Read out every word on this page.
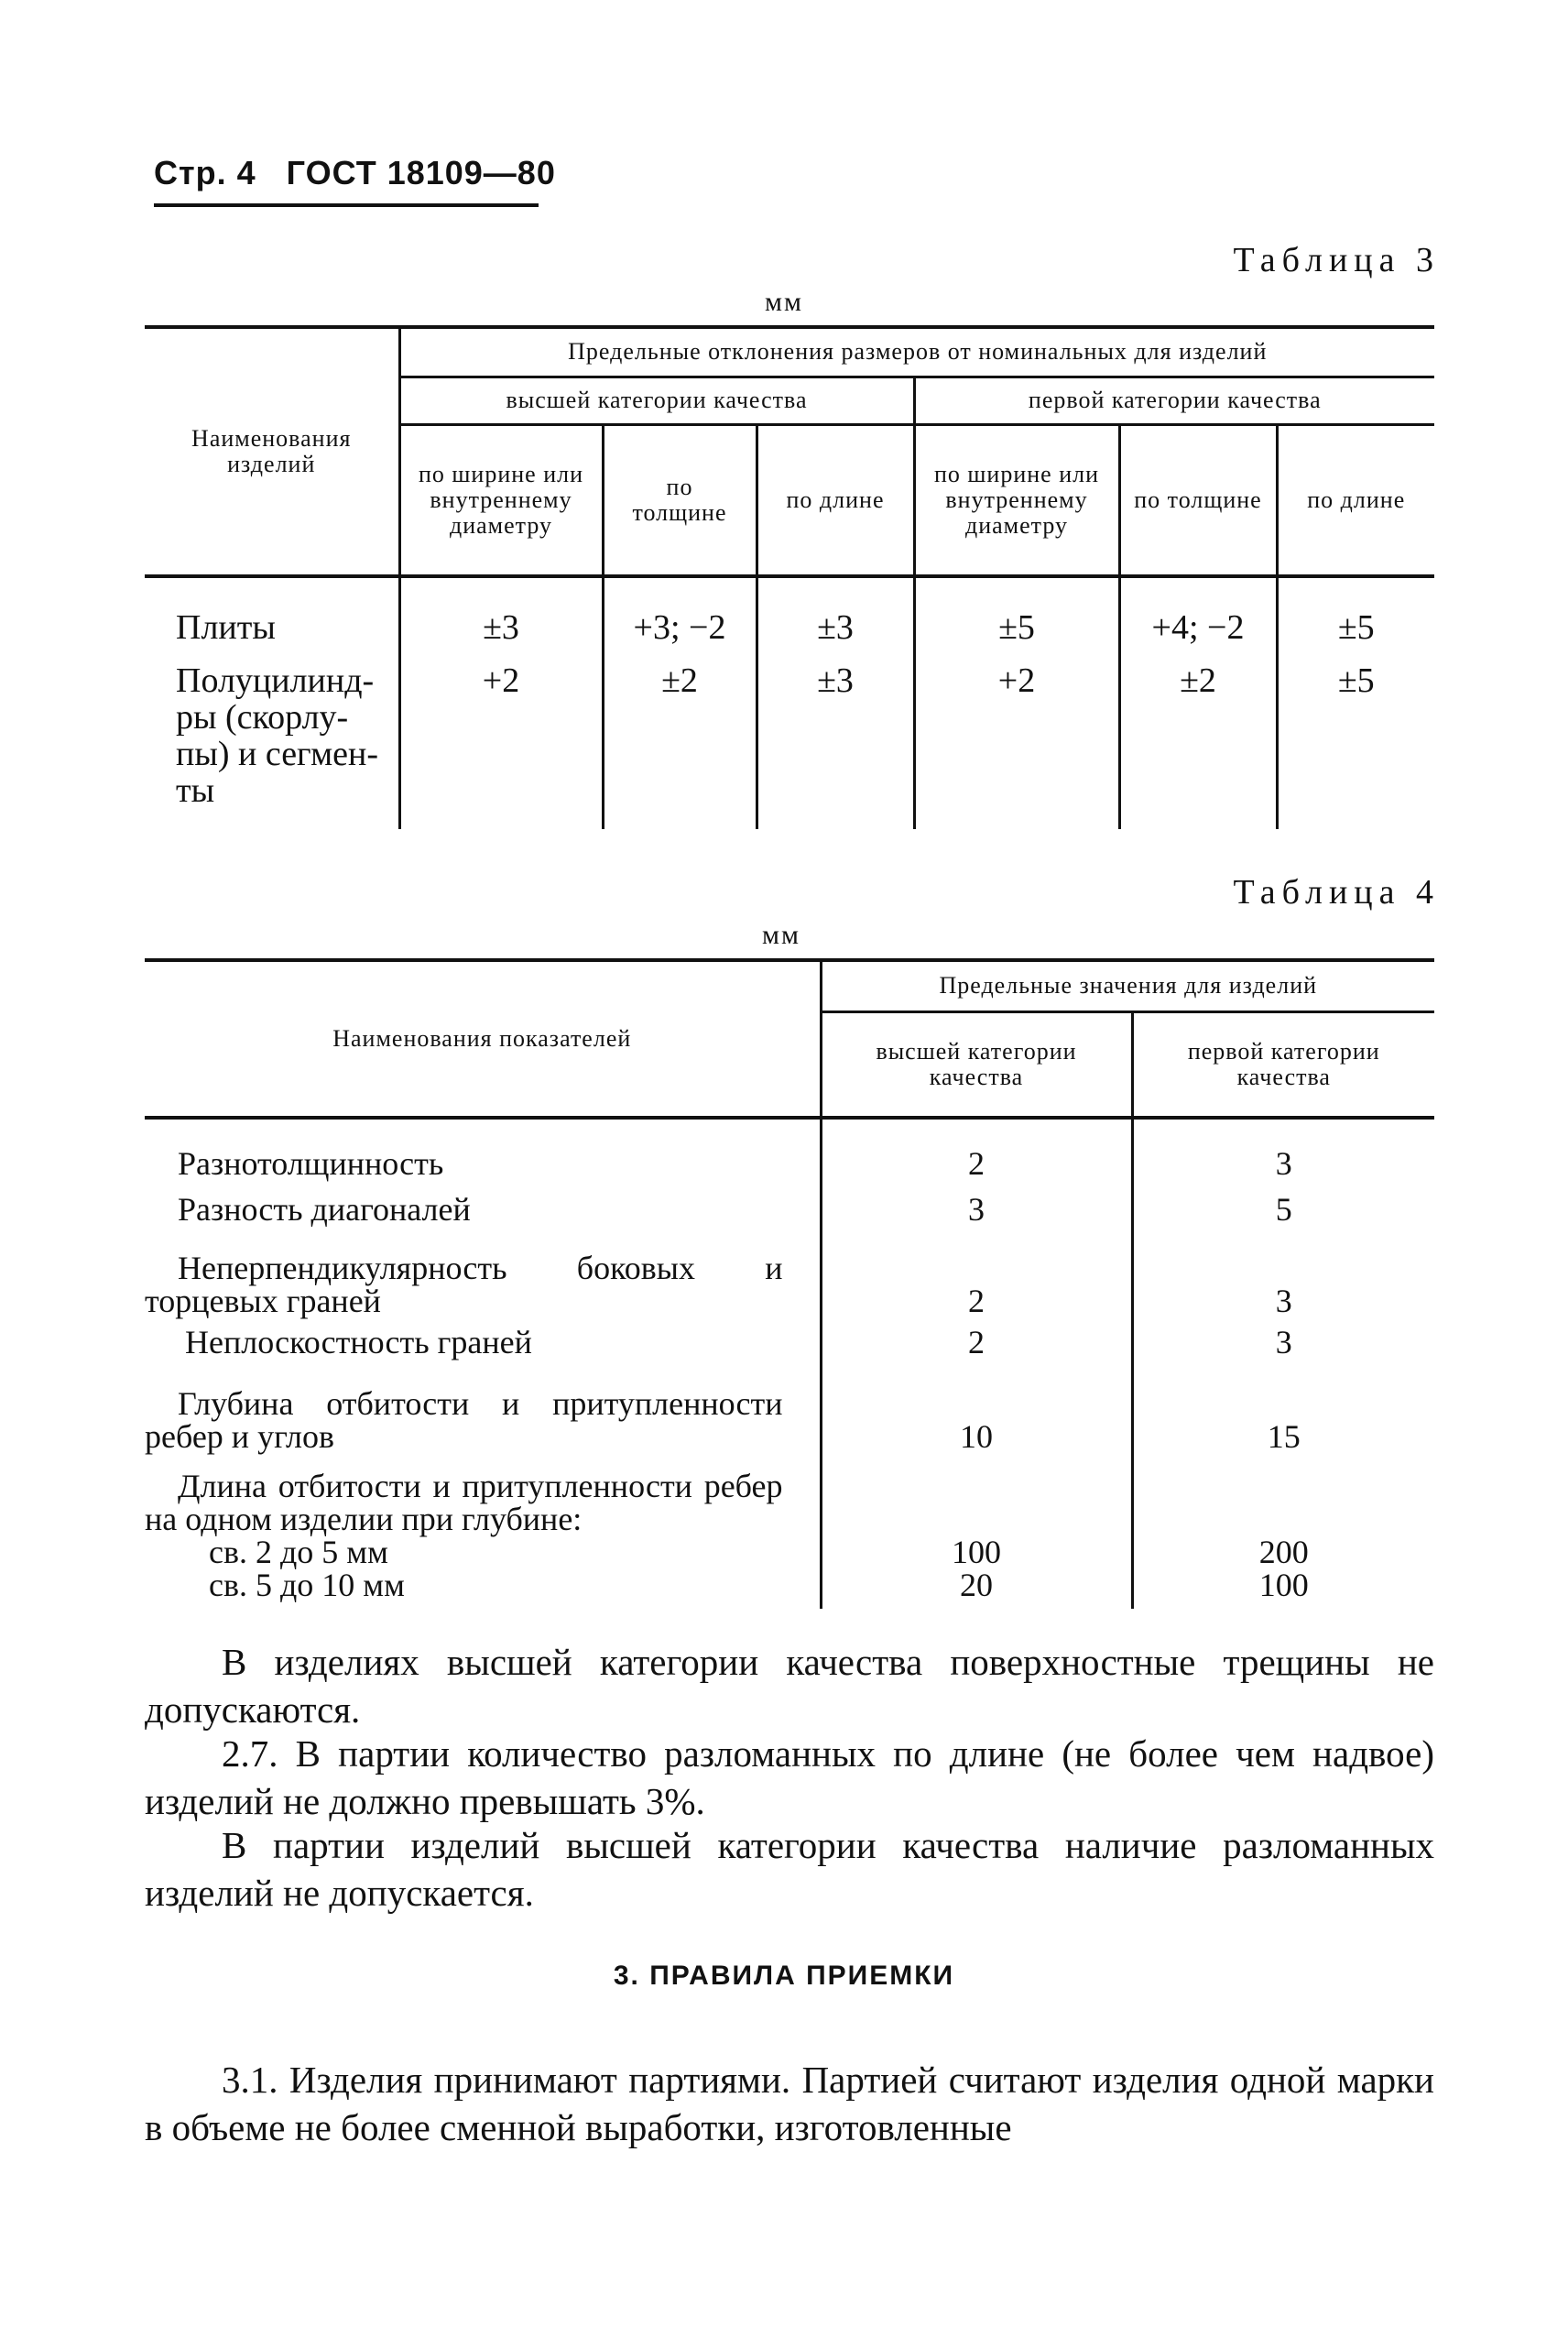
Стр. 4 ГОСТ 18109—80
Таблица 3
мм
Наименования изделий	Предельные отклонения размеров от номинальных для изделий					
	высшей категории качества			первой категории качества		
	по ширине или внутреннему диаметру	по толщине	по длине	по ширине или внутреннему диаметру	по толщине	по длине
Плиты	±3	+3; −2	±3	±5	+4; −2	±5
Полуцилиндры (скорлупы) и сегменты	+2	±2	±3	+2	±2	±5
Таблица 4
мм
Наименования показателей	Предельные значения для изделий	
	высшей категории качества	первой категории качества
Разнотолщинность	2	3
Разность диагоналей	3	5
Неперпендикулярность боковых и торцевых граней	2	3
Неплоскостность граней	2	3
Глубина отбитости и притупленности ребер и углов	10	15
Длина отбитости и притупленности ребер на одном изделии при глубине:		
св. 2 до 5 мм	100	200
св. 5 до 10 мм	20	100
В изделиях высшей категории качества поверхностные трещины не допускаются.
2.7. В партии количество разломанных по длине (не более чем надвое) изделий не должно превышать 3%.
В партии изделий высшей категории качества наличие разломанных изделий не допускается.
3. ПРАВИЛА ПРИЕМКИ
3.1. Изделия принимают партиями. Партией считают изделия одной марки в объеме не более сменной выработки, изготовленные
